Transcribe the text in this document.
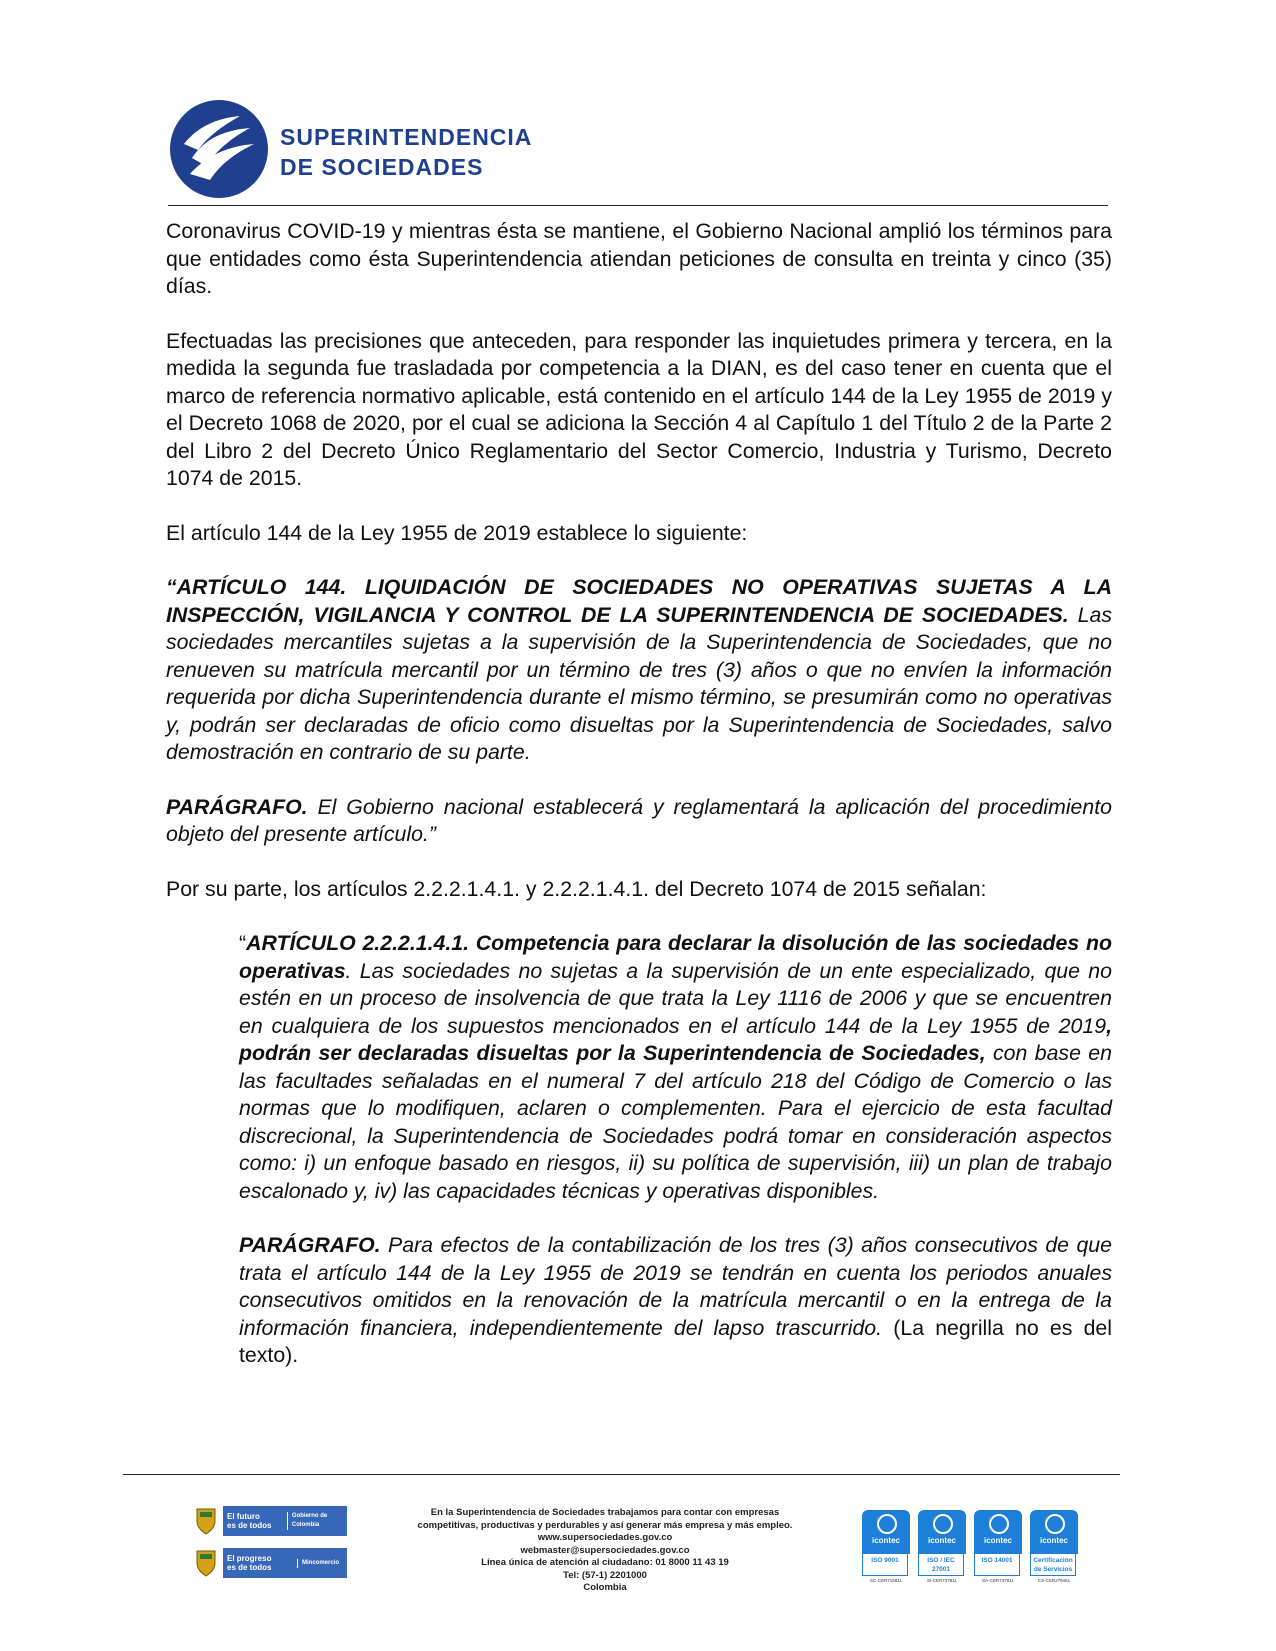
SUPERINTENDENCIA
DE SOCIEDADES

Coronavirus COVID-19 y mientras ésta se mantiene, el Gobierno Nacional amplió los términos para que entidades como ésta Superintendencia atiendan peticiones de consulta en treinta y cinco (35) días.

Efectuadas las precisiones que anteceden, para responder las inquietudes primera y tercera, en la medida la segunda fue trasladada por competencia a la DIAN, es del caso tener en cuenta que el marco de referencia normativo aplicable, está contenido en el artículo 144 de la Ley 1955 de 2019 y el Decreto 1068 de 2020, por el cual se adiciona la Sección 4 al Capítulo 1 del Título 2 de la Parte 2 del Libro 2 del Decreto Único Reglamentario del Sector Comercio, Industria y Turismo, Decreto 1074 de 2015.

El artículo 144 de la Ley 1955 de 2019 establece lo siguiente:

“ARTÍCULO 144. LIQUIDACIÓN DE SOCIEDADES NO OPERATIVAS SUJETAS A LA INSPECCIÓN, VIGILANCIA Y CONTROL DE LA SUPERINTENDENCIA DE SOCIEDADES. Las sociedades mercantiles sujetas a la supervisión de la Superintendencia de Sociedades, que no renueven su matrícula mercantil por un término de tres (3) años o que no envíen la información requerida por dicha Superintendencia durante el mismo término, se presumirán como no operativas y, podrán ser declaradas de oficio como disueltas por la Superintendencia de Sociedades, salvo demostración en contrario de su parte.

PARÁGRAFO. El Gobierno nacional establecerá y reglamentará la aplicación del procedimiento objeto del presente artículo.”

Por su parte, los artículos 2.2.2.1.4.1. y 2.2.2.1.4.1. del Decreto 1074 de 2015 señalan:

“ARTÍCULO 2.2.2.1.4.1. Competencia para declarar la disolución de las sociedades no operativas. Las sociedades no sujetas a la supervisión de un ente especializado, que no estén en un proceso de insolvencia de que trata la Ley 1116 de 2006 y que se encuentren en cualquiera de los supuestos mencionados en el artículo 144 de la Ley 1955 de 2019, podrán ser declaradas disueltas por la Superintendencia de Sociedades, con base en las facultades señaladas en el numeral 7 del artículo 218 del Código de Comercio o las normas que lo modifiquen, aclaren o complementen. Para el ejercicio de esta facultad discrecional, la Superintendencia de Sociedades podrá tomar en consideración aspectos como: i) un enfoque basado en riesgos, ii) su política de supervisión, iii) un plan de trabajo escalonado y, iv) las capacidades técnicas y operativas disponibles.

PARÁGRAFO. Para efectos de la contabilización de los tres (3) años consecutivos de que trata el artículo 144 de la Ley 1955 de 2019 se tendrán en cuenta los periodos anuales consecutivos omitidos en la renovación de la matrícula mercantil o en la entrega de la información financiera, independientemente del lapso trascurrido. (La negrilla no es del texto).

El futuro
es de todos
Gobierno de Colombia
El progreso
es de todos
Mincomercio
En la Superintendencia de Sociedades trabajamos para contar con empresas
competitivas, productivas y perdurables y así generar más empresa y más empleo.
www.supersociedades.gov.co
webmaster@supersociedades.gov.co
Línea única de atención al ciudadano: 01 8000 11 43 19
Tel: (57-1) 2201000
Colombia
icontec
ISO 9001
SC-CER715811
icontec
ISO / IEC 27001
SI-CER737811
icontec
ISO 14001
SA-CER737811
icontec
Certificación de Servicios
CS-CER279461
